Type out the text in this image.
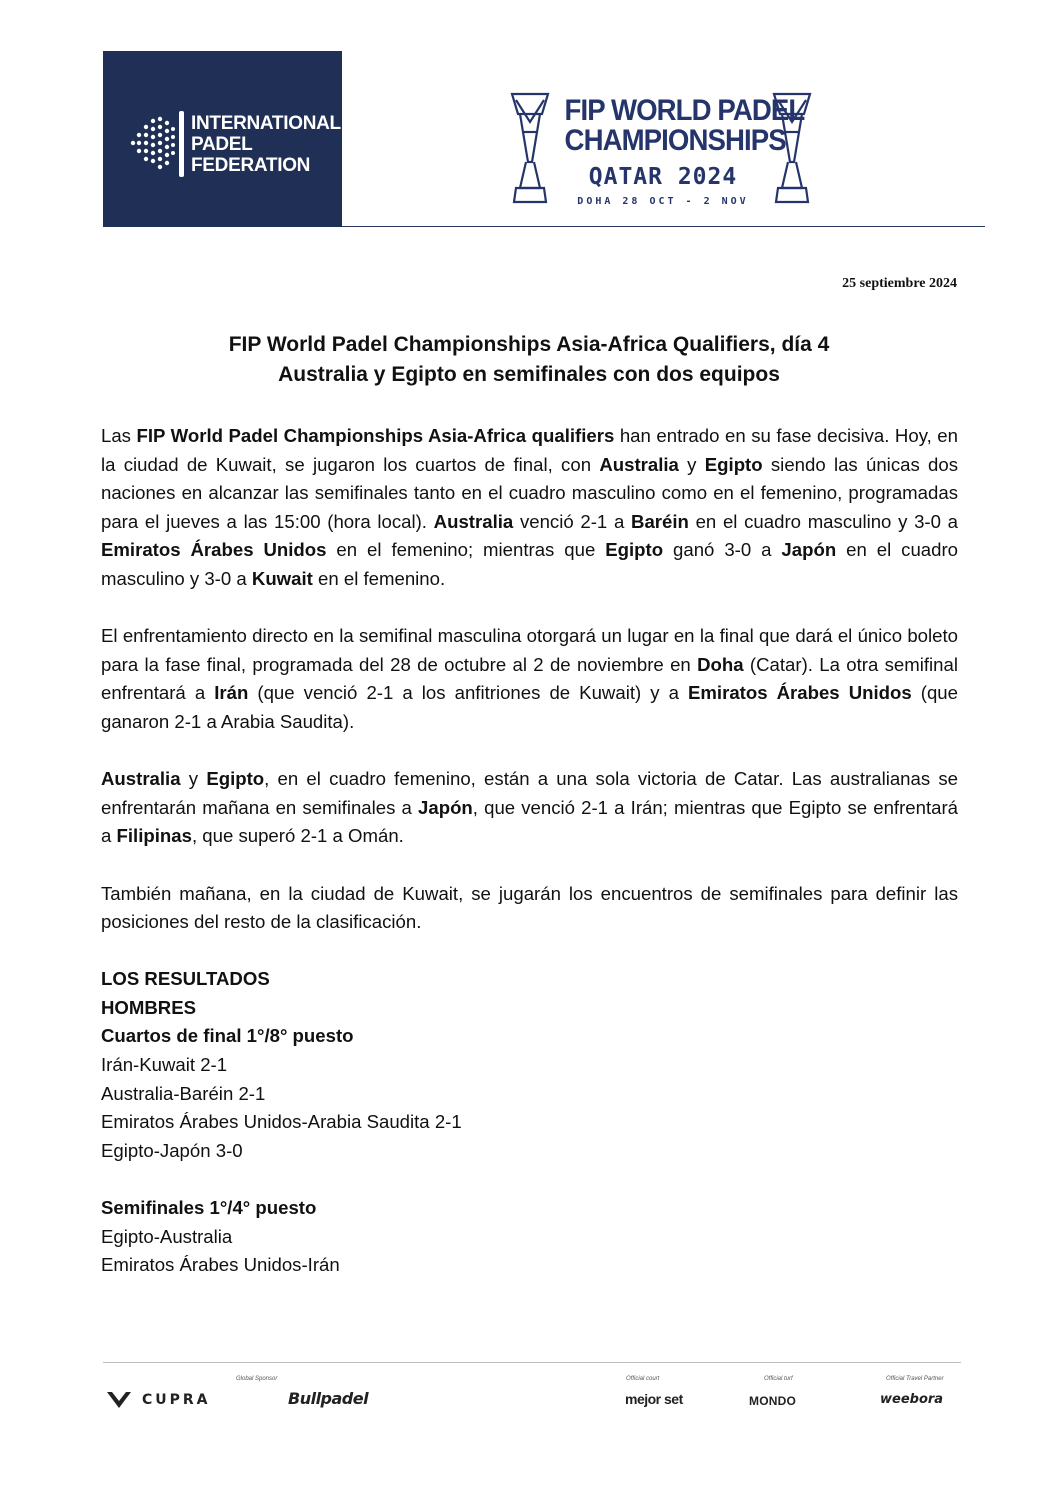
INTERNATIONAL
PADEL
FEDERATION
FIP WORLD PADEL
CHAMPIONSHIPS
QATAR 2024
DOHA 28 OCT - 2 NOV
25 septiembre 2024
FIP World Padel Championships Asia-Africa Qualifiers, día 4
Australia y Egipto en semifinales con dos equipos

Las FIP World Padel Championships Asia-Africa qualifiers han entrado en su fase decisiva. Hoy, en la ciudad de Kuwait, se jugaron los cuartos de final, con Australia y Egipto siendo las únicas dos naciones en alcanzar las semifinales tanto en el cuadro masculino como en el femenino, programadas para el jueves a las 15:00 (hora local). Australia venció 2-1 a Baréin en el cuadro masculino y 3-0 a Emiratos Árabes Unidos en el femenino; mientras que Egipto ganó 3-0 a Japón en el cuadro masculino y 3-0 a Kuwait en el femenino.

El enfrentamiento directo en la semifinal masculina otorgará un lugar en la final que dará el único boleto para la fase final, programada del 28 de octubre al 2 de noviembre en Doha (Catar). La otra semifinal enfrentará a Irán (que venció 2-1 a los anfitriones de Kuwait) y a Emiratos Árabes Unidos (que ganaron 2-1 a Arabia Saudita).

Australia y Egipto, en el cuadro femenino, están a una sola victoria de Catar. Las australianas se enfrentarán mañana en semifinales a Japón, que venció 2-1 a Irán; mientras que Egipto se enfrentará a Filipinas, que superó 2-1 a Omán.

También mañana, en la ciudad de Kuwait, se jugarán los encuentros de semifinales para definir las posiciones del resto de la clasificación.

LOS RESULTADOS
HOMBRES
Cuartos de final 1°/8° puesto
Irán-Kuwait 2-1
Australia-Baréin 2-1
Emiratos Árabes Unidos-Arabia Saudita 2-1
Egipto-Japón 3-0
Semifinales 1°/4° puesto
Egipto-Australia
Emiratos Árabes Unidos-Irán
Global Sponsor	Official court	Official turf	Official Travel Partner
CUPRA	Bullpadel	mejor set	MONDO	weebora
